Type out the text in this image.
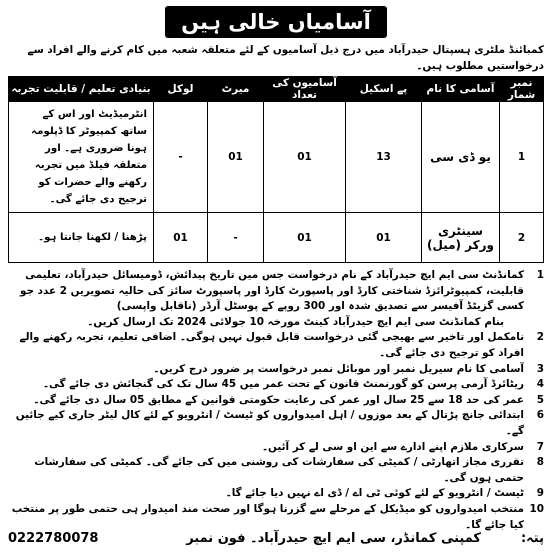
آسامیاں خالی ہیں

کمبائنڈ ملٹری ہسپتال حیدرآباد میں درج ذیل آسامیوں کے لئے متعلقہ شعبہ میں کام کرنے والے افراد سے درخواستیں مطلوب ہیں۔

نمبر شمار	آسامی کا نام	پے اسکیل	آسامیوں کی تعداد	میرٹ	لوکل	بنیادی تعلیم / قابلیت تجربہ
1	یو ڈی سی	13	01	01	-	انٹرمیڈیٹ اور اس کے ساتھ کمپیوٹر کا ڈپلومہ ہونا ضروری ہے۔ اور متعلقہ فیلڈ میں تجربہ رکھنے والے حضرات کو ترجیح دی جائے گی۔
2	سینٹری ورکر (میل)	01	01	-	01	پڑھنا / لکھنا جانتا ہو۔
1
کمانڈنٹ سی ایم ایچ حیدرآباد کے نام درخواست جس میں تاریخ پیدائش، ڈومیسائل حیدرآباد، تعلیمی قابلیت، کمپیوٹرائزڈ شناختی کارڈ اور پاسپورٹ کارڈ اور پاسپورٹ سائز کی حالیہ تصویریں 2 عدد جو کسی گزیٹڈ آفیسر سے تصدیق شدہ اور 300 روپے کے پوسٹل آرڈر (ناقابل واپسی)
بنام کمانڈنٹ سی ایم ایچ حیدرآباد کینٹ مورخہ 10 جولائی 2024 تک ارسال کریں۔
2
نامکمل اور تاخیر سے بھیجی گئی درخواست قابل قبول نہیں ہوگی۔ اضافی تعلیم، تجربہ رکھنے والے افراد کو ترجیح دی جائے گی۔
3
آسامی کا نام سیریل نمبر اور موبائل نمبر درخواست پر ضرور درج کریں۔
4
ریٹائرڈ آرمی پرسن کو گورنمنٹ قانون کے تحت عمر میں 45 سال تک کی گنجائش دی جائے گی۔
5
عمر کی حد 18 سے 25 سال اور عمر کی رعایت حکومتی قوانین کے مطابق 05 سال دی جائے گی۔
6
ابتدائی جانچ پڑتال کے بعد موزوں / اہل امیدواروں کو ٹیسٹ / انٹرویو کے لئے کال لیٹر جاری کیے جائیں گے۔
7
سرکاری ملازم اپنے ادارے سے این او سی لے کر آئیں۔
8
تقرری مجاز اتھارٹی / کمیٹی کی سفارشات کی روشنی میں کی جائے گی۔ کمیٹی کی سفارشات حتمی ہوں گی۔
9
ٹیسٹ / انٹرویو کے لئے کوئی ٹی اے / ڈی اے نہیں دیا جائے گا۔
10
منتخب امیدواروں کو میڈیکل کے مرحلے سے گزرنا ہوگا اور صحت مند امیدوار ہی حتمی طور پر منتخب کیا جائے گا۔
پتہ:
کمپنی کمانڈر، سی ایم ایچ حیدرآباد۔ فون نمبر
0222780078
